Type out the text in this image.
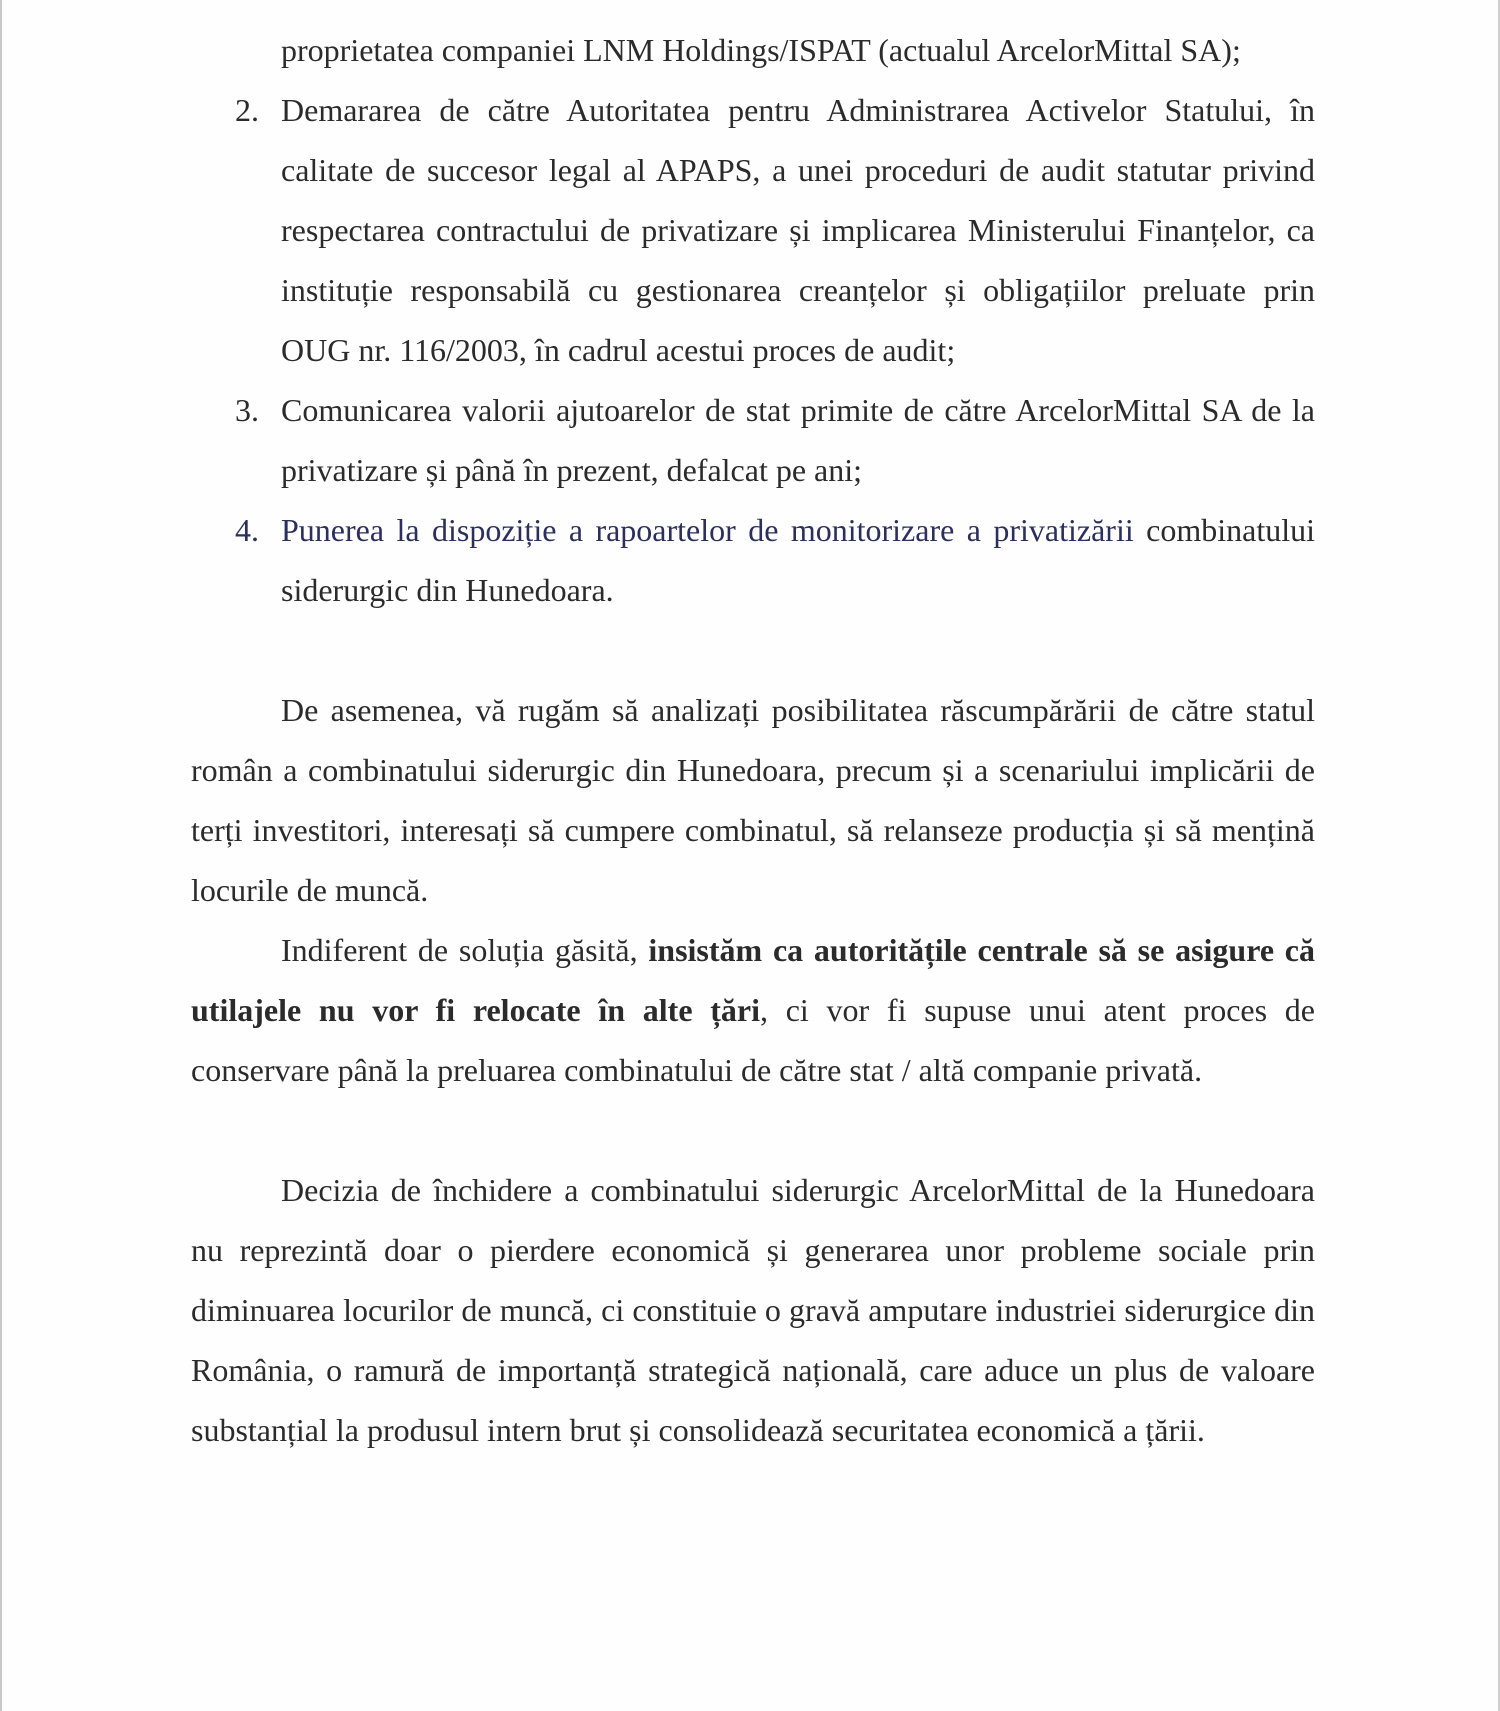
proprietatea companiei LNM Holdings/ISPAT (actualul ArcelorMittal SA);
2. Demararea de către Autoritatea pentru Administrarea Activelor Statului, în calitate de succesor legal al APAPS, a unei proceduri de audit statutar privind respectarea contractului de privatizare și implicarea Ministerului Finanțelor, ca instituție responsabilă cu gestionarea creanțelor și obligațiilor preluate prin OUG nr. 116/2003, în cadrul acestui proces de audit;
3. Comunicarea valorii ajutoarelor de stat primite de către ArcelorMittal SA de la privatizare și până în prezent, defalcat pe ani;
4. Punerea la dispoziție a rapoartelor de monitorizare a privatizării combinatului siderurgic din Hunedoara.

De asemenea, vă rugăm să analizați posibilitatea răscumpărării de către statul român a combinatului siderurgic din Hunedoara, precum și a scenariului implicării de terți investitori, interesați să cumpere combinatul, să relanseze producția și să mențină locurile de muncă.

Indiferent de soluția găsită, insistăm ca autoritățile centrale să se asigure că utilajele nu vor fi relocate în alte țări, ci vor fi supuse unui atent proces de conservare până la preluarea combinatului de către stat / altă companie privată.

Decizia de închidere a combinatului siderurgic ArcelorMittal de la Hunedoara nu reprezintă doar o pierdere economică și generarea unor probleme sociale prin diminuarea locurilor de muncă, ci constituie o gravă amputare industriei siderurgice din România, o ramură de importanță strategică națională, care aduce un plus de valoare substanțial la produsul intern brut și consolidează securitatea economică a țării.
